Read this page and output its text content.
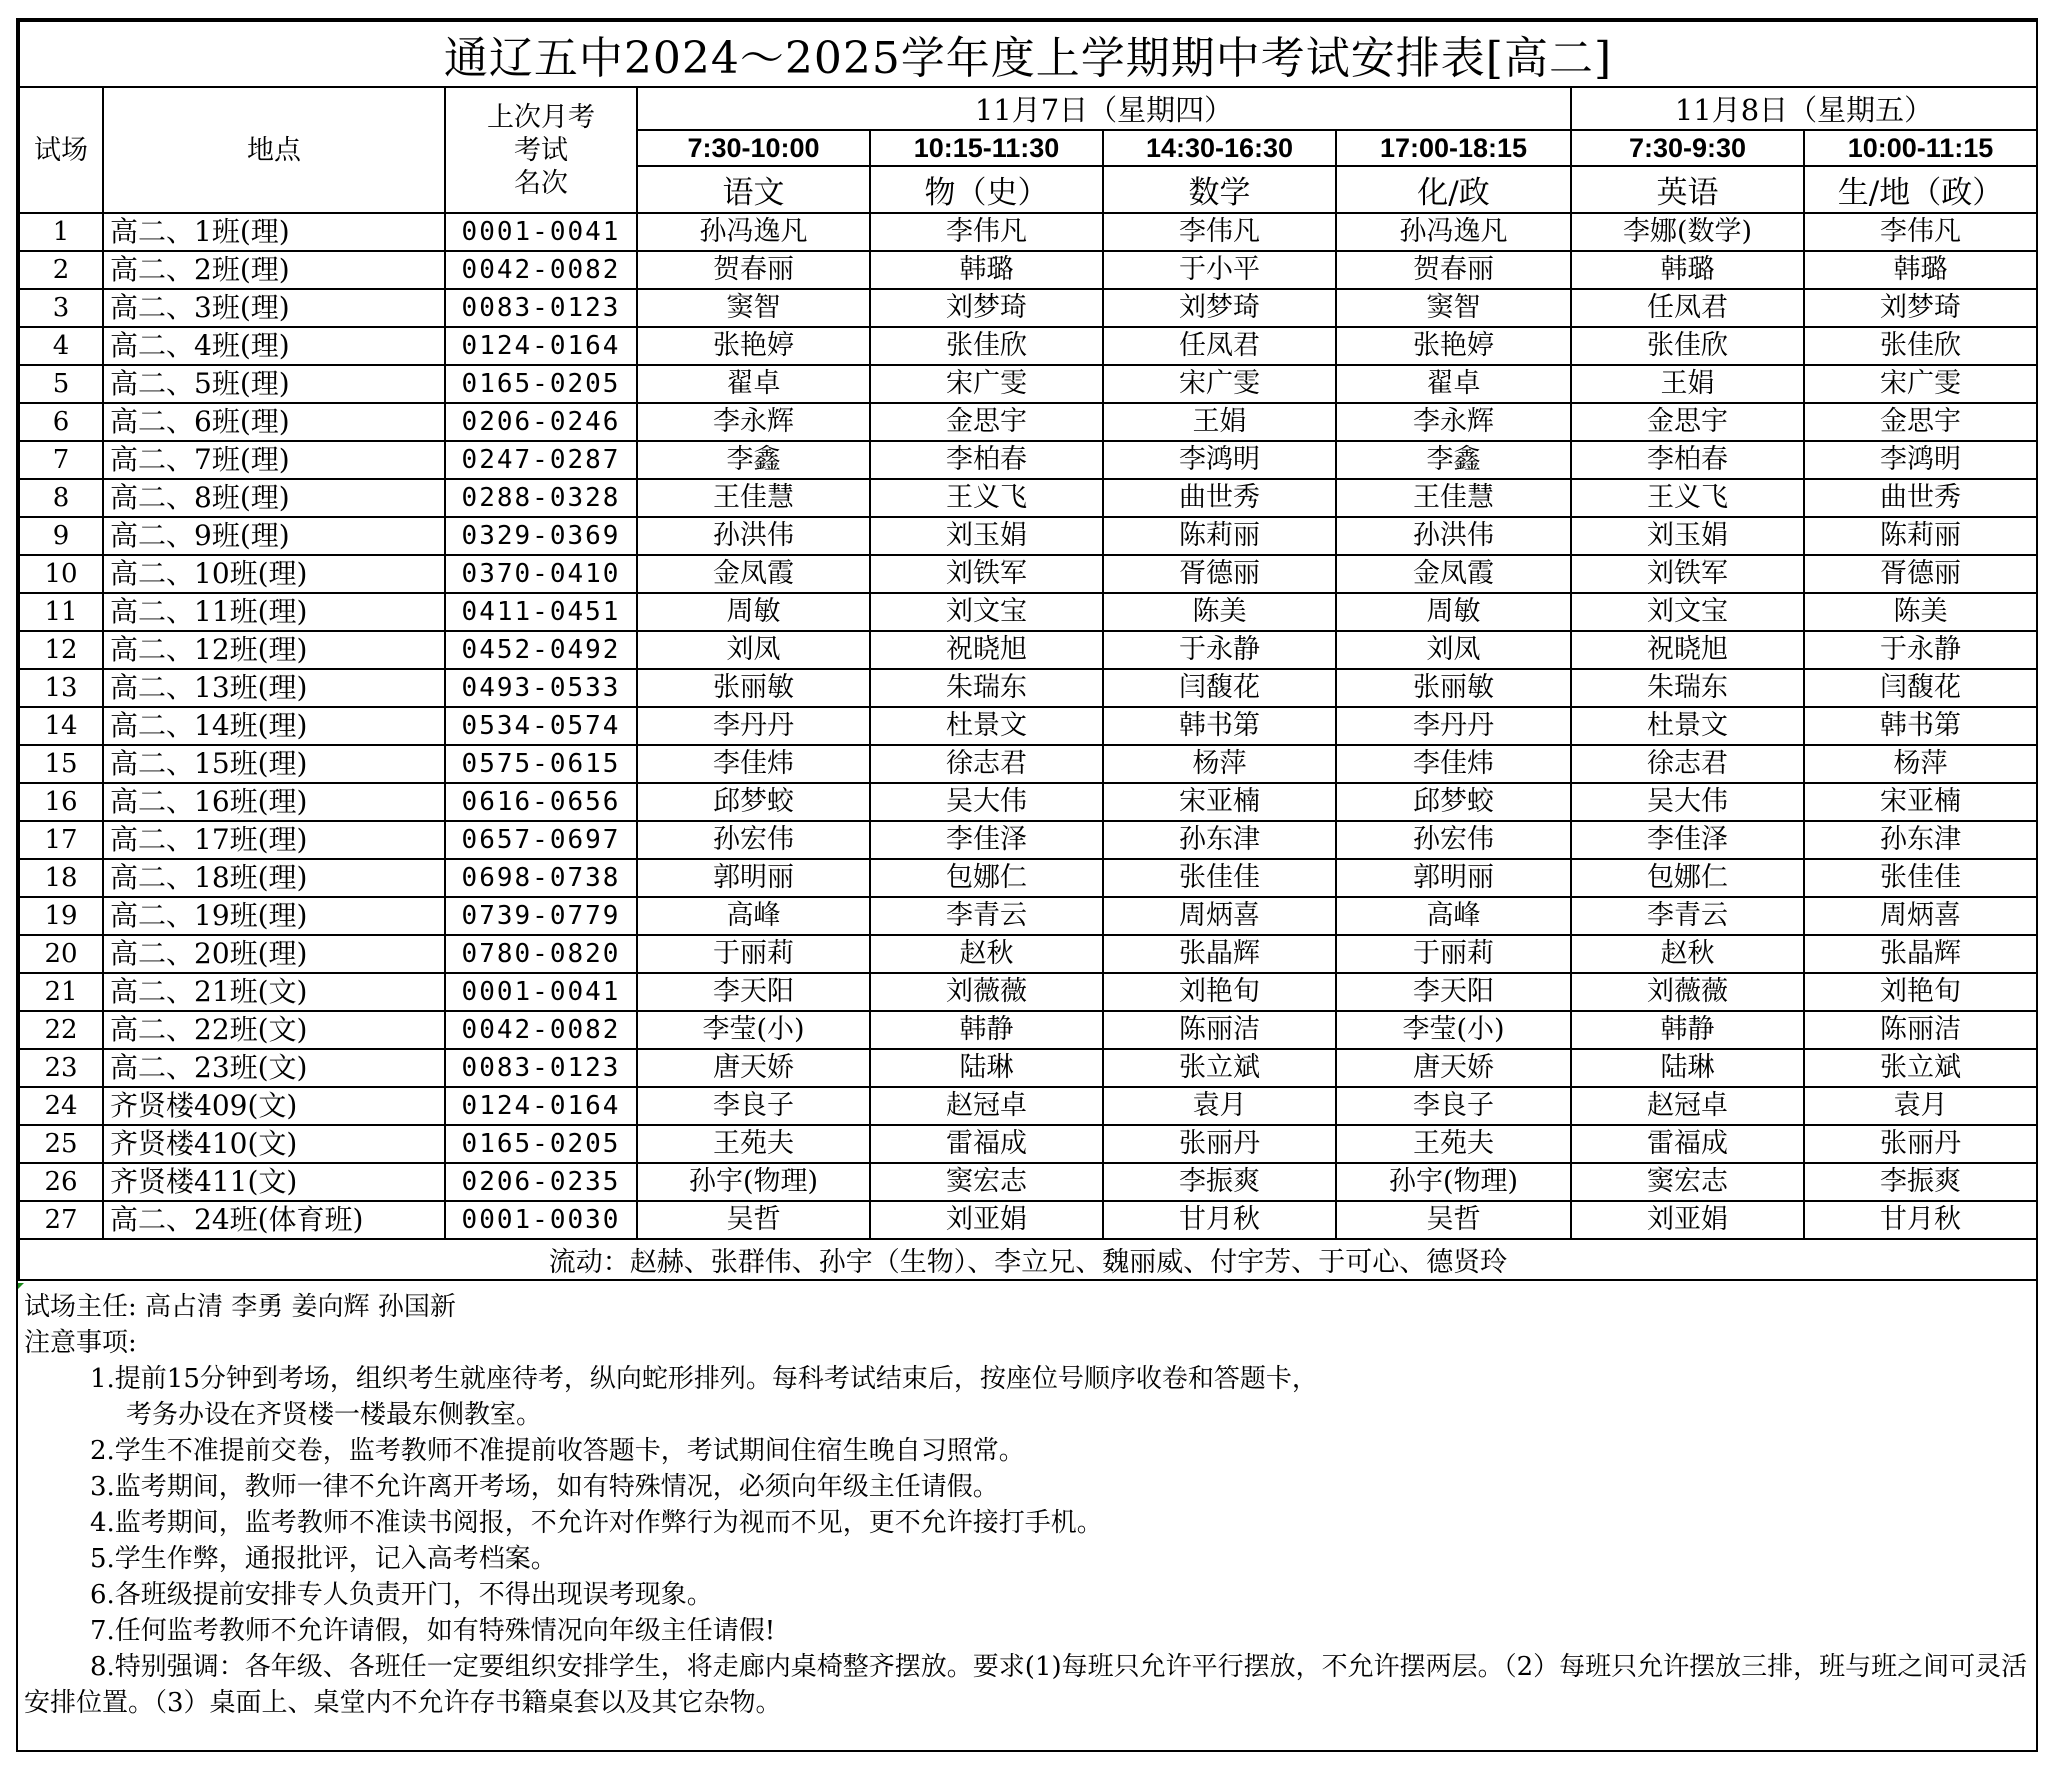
通辽五中2024～2025学年度上学期期中考试安排表[高二]								
试场	地点	上次月考
考试
名次	11月7日（星期四）				11月8日（星期五）	
			7:30-10:00	10:15-11:30	14:30-16:30	17:00-18:15	7:30-9:30	10:00-11:15
			语文	物（史）	数学	化/政	英语	生/地（政）
1	高二、1班(理)	0001-0041	孙冯逸凡	李伟凡	李伟凡	孙冯逸凡	李娜(数学)	李伟凡
2	高二、2班(理)	0042-0082	贺春丽	韩璐	于小平	贺春丽	韩璐	韩璐
3	高二、3班(理)	0083-0123	窦智	刘梦琦	刘梦琦	窦智	任凤君	刘梦琦
4	高二、4班(理)	0124-0164	张艳婷	张佳欣	任凤君	张艳婷	张佳欣	张佳欣
5	高二、5班(理)	0165-0205	翟卓	宋广雯	宋广雯	翟卓	王娟	宋广雯
6	高二、6班(理)	0206-0246	李永辉	金思宇	王娟	李永辉	金思宇	金思宇
7	高二、7班(理)	0247-0287	李鑫	李柏春	李鸿明	李鑫	李柏春	李鸿明
8	高二、8班(理)	0288-0328	王佳慧	王义飞	曲世秀	王佳慧	王义飞	曲世秀
9	高二、9班(理)	0329-0369	孙洪伟	刘玉娟	陈莉丽	孙洪伟	刘玉娟	陈莉丽
10	高二、10班(理)	0370-0410	金凤霞	刘铁军	胥德丽	金凤霞	刘铁军	胥德丽
11	高二、11班(理)	0411-0451	周敏	刘文宝	陈美	周敏	刘文宝	陈美
12	高二、12班(理)	0452-0492	刘凤	祝晓旭	于永静	刘凤	祝晓旭	于永静
13	高二、13班(理)	0493-0533	张丽敏	朱瑞东	闫馥花	张丽敏	朱瑞东	闫馥花
14	高二、14班(理)	0534-0574	李丹丹	杜景文	韩书第	李丹丹	杜景文	韩书第
15	高二、15班(理)	0575-0615	李佳炜	徐志君	杨萍	李佳炜	徐志君	杨萍
16	高二、16班(理)	0616-0656	邱梦蛟	吴大伟	宋亚楠	邱梦蛟	吴大伟	宋亚楠
17	高二、17班(理)	0657-0697	孙宏伟	李佳泽	孙东津	孙宏伟	李佳泽	孙东津
18	高二、18班(理)	0698-0738	郭明丽	包娜仁	张佳佳	郭明丽	包娜仁	张佳佳
19	高二、19班(理)	0739-0779	高峰	李青云	周炳喜	高峰	李青云	周炳喜
20	高二、20班(理)	0780-0820	于丽莉	赵秋	张晶辉	于丽莉	赵秋	张晶辉
21	高二、21班(文)	0001-0041	李天阳	刘薇薇	刘艳旬	李天阳	刘薇薇	刘艳旬
22	高二、22班(文)	0042-0082	李莹(小)	韩静	陈丽洁	李莹(小)	韩静	陈丽洁
23	高二、23班(文)	0083-0123	唐天娇	陆琳	张立斌	唐天娇	陆琳	张立斌
24	齐贤楼409(文)	0124-0164	李良子	赵冠卓	袁月	李良子	赵冠卓	袁月
25	齐贤楼410(文)	0165-0205	王苑夫	雷福成	张丽丹	王苑夫	雷福成	张丽丹
26	齐贤楼411(文)	0206-0235	孙宇(物理)	窦宏志	李振爽	孙宇(物理)	窦宏志	李振爽
27	高二、24班(体育班)	0001-0030	吴哲	刘亚娟	甘月秋	吴哲	刘亚娟	甘月秋
流动：赵赫、张群伟、孙宇（生物）、李立兄、魏丽威、付宇芳、于可心、德贤玲								
试场主任: 高占清 李勇 姜向辉 孙国新
注意事项:
1.提前15分钟到考场，组织考生就座待考，纵向蛇形排列。每科考试结束后，按座位号顺序收卷和答题卡，
考务办设在齐贤楼一楼最东侧教室。
2.学生不准提前交卷，监考教师不准提前收答题卡，考试期间住宿生晚自习照常。
3.监考期间，教师一律不允许离开考场，如有特殊情况，必须向年级主任请假。
4.监考期间，监考教师不准读书阅报，不允许对作弊行为视而不见，更不允许接打手机。
5.学生作弊，通报批评，记入高考档案。
6.各班级提前安排专人负责开门，不得出现误考现象。
7.任何监考教师不允许请假，如有特殊情况向年级主任请假!
8.特别强调：各年级、各班任一定要组织安排学生，将走廊内桌椅整齐摆放。要求(1)每班只允许平行摆放，不允许摆两层。（2）每班只允许摆放三排，班与班之间可灵活安排位置。（3）桌面上、桌堂内不允许存书籍桌套以及其它杂物。
